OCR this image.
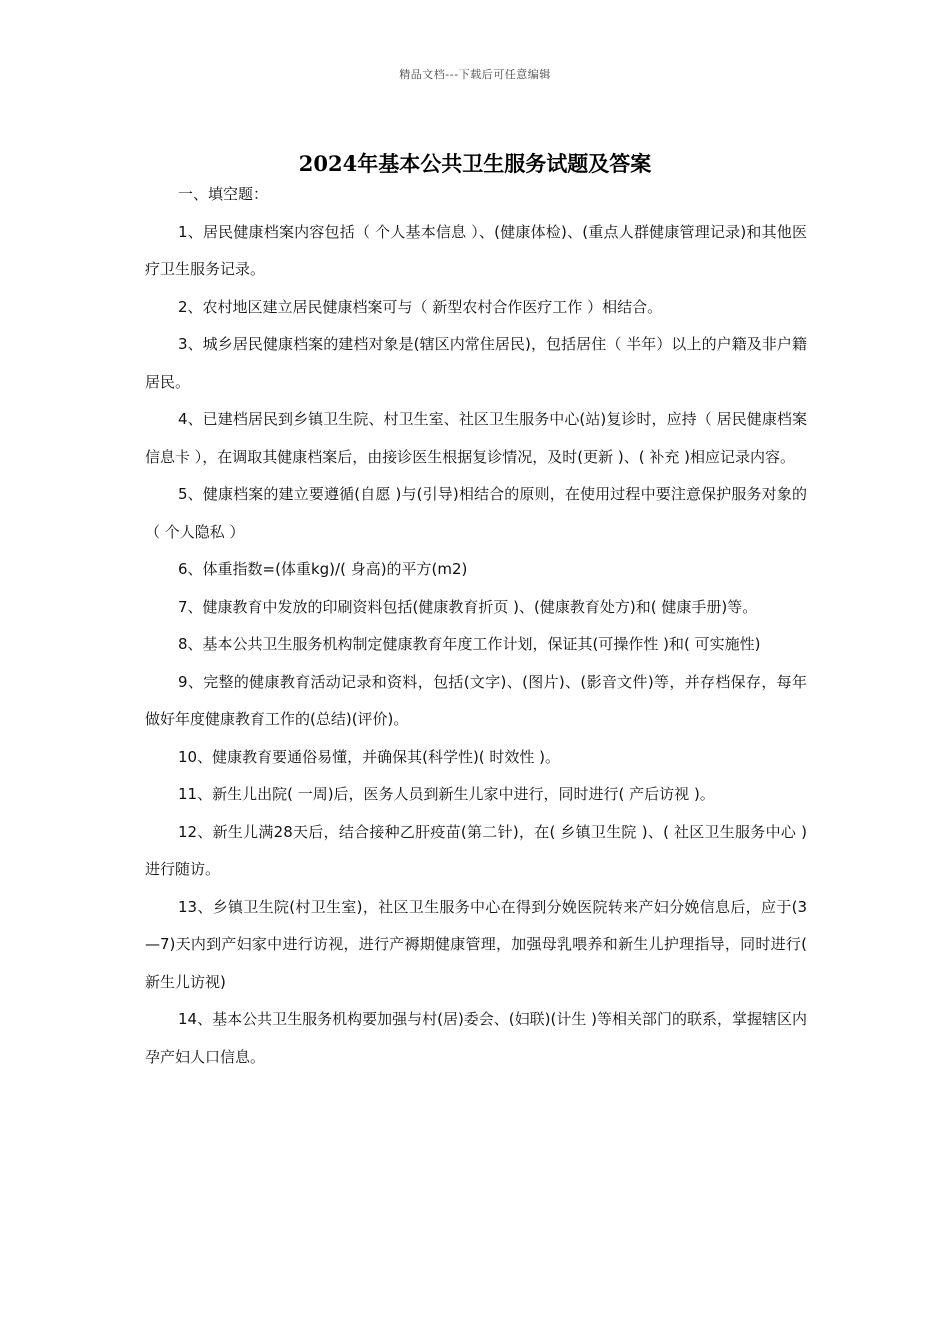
精品文档---下载后可任意编辑
2024年基本公共卫生服务试题及答案

一、填空题：

1、居民健康档案内容包括（ 个人基本信息 ）、(健康体检)、(重点人群健康管理记录)和其他医疗卫生服务记录。

2、农村地区建立居民健康档案可与（ 新型农村合作医疗工作 ）相结合。

3、城乡居民健康档案的建档对象是(辖区内常住居民)，包括居住（ 半年）以上的户籍及非户籍居民。

4、已建档居民到乡镇卫生院、村卫生室、社区卫生服务中心(站)复诊时，应持（ 居民健康档案信息卡 ），在调取其健康档案后，由接诊医生根据复诊情况，及时(更新 )、( 补充 )相应记录内容。

5、健康档案的建立要遵循(自愿 )与(引导)相结合的原则，在使用过程中要注意保护服务对象的（ 个人隐私 ）

6、体重指数=(体重kg)/( 身高)的平方(m2)

7、健康教育中发放的印刷资料包括(健康教育折页 )、(健康教育处方)和( 健康手册)等。

8、基本公共卫生服务机构制定健康教育年度工作计划，保证其(可操作性 )和( 可实施性)

9、完整的健康教育活动记录和资料，包括(文字)、(图片)、(影音文件)等，并存档保存，每年做好年度健康教育工作的(总结)(评价)。

10、健康教育要通俗易懂，并确保其(科学性)( 时效性 )。

11、新生儿出院( 一周)后，医务人员到新生儿家中进行，同时进行( 产后访视 )。

12、新生儿满28天后，结合接种乙肝疫苗(第二针)，在( 乡镇卫生院 )、( 社区卫生服务中心 )进行随访。

13、乡镇卫生院(村卫生室)，社区卫生服务中心在得到分娩医院转来产妇分娩信息后，应于(3—7)天内到产妇家中进行访视，进行产褥期健康管理，加强母乳喂养和新生儿护理指导，同时进行( 新生儿访视)

14、基本公共卫生服务机构要加强与村(居)委会、(妇联)(计生 )等相关部门的联系，掌握辖区内孕产妇人口信息。
